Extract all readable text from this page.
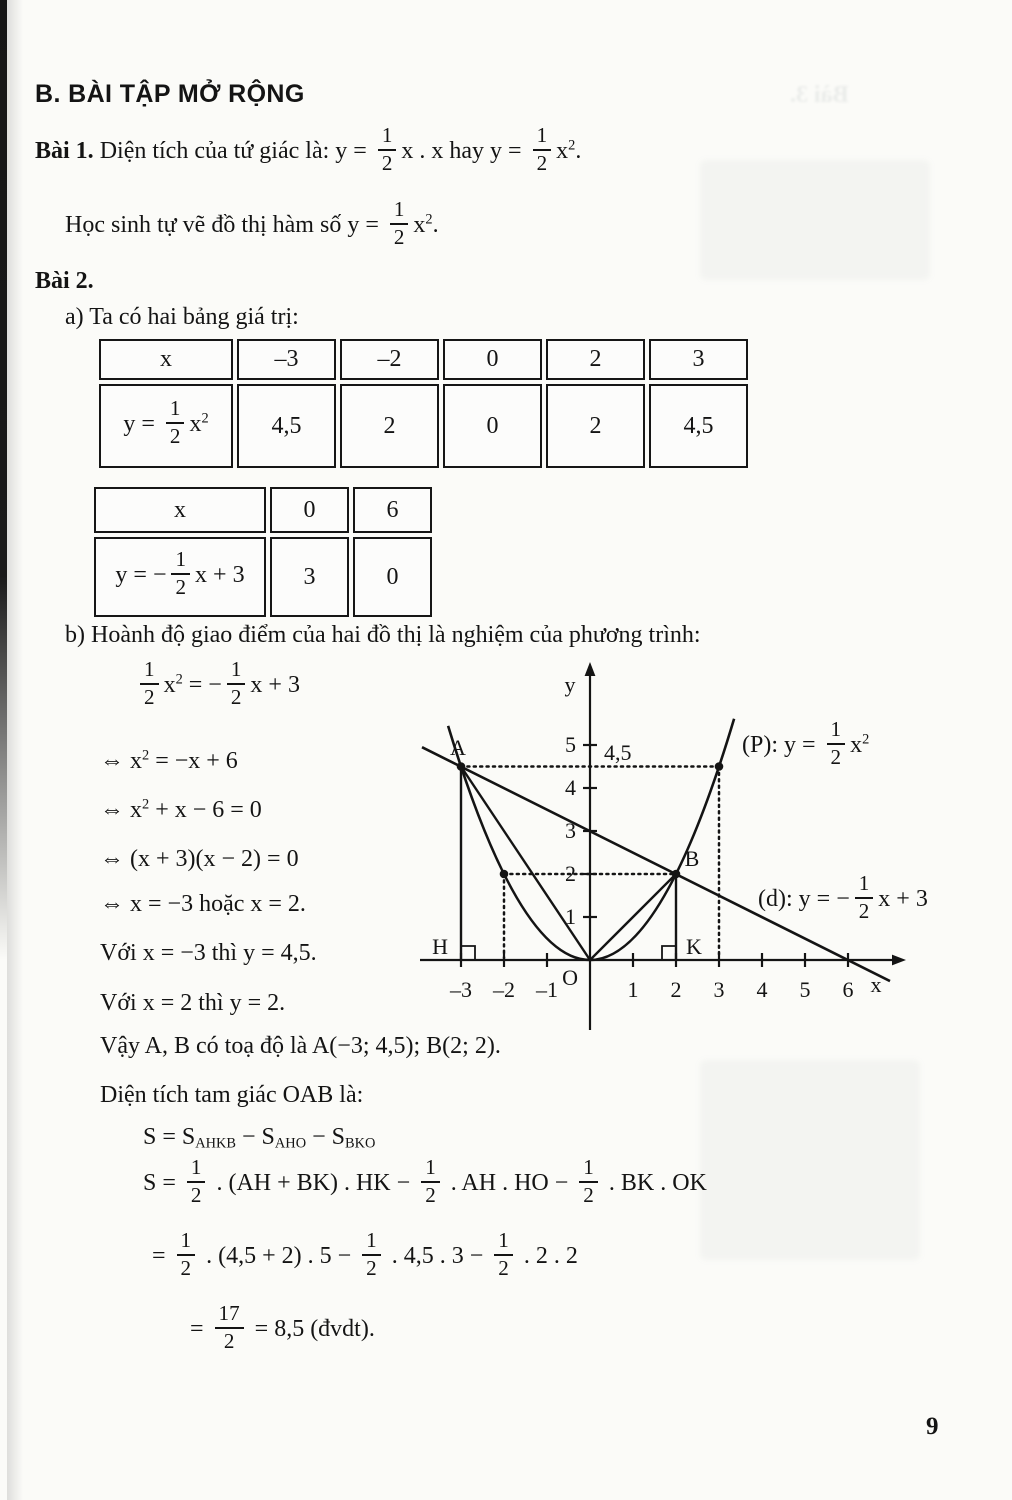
Bài 3.
B. BÀI TẬP MỞ RỘNG
Bài 1. Diện tích của tứ giác là: $y = \frac{1}{2}$ x . x hay $y = \frac{1}{2} x^2$.
Học sinh tự vẽ đồ thị hàm số $y = \frac{1}{2} x^2$.
Bài 2.
a) Ta có hai bảng giá trị:
x	–3	–2	0	2	3
$y = \frac{1}{2} x^2$	4,5	2	0	2	4,5
x	0	6
y = − $\frac{1}{2}$ x + 3	3	0
b) Hoành độ giao điểm của hai đồ thị là nghiệm của phương trình:
$\frac{1}{2} x^2$ = − $\frac{1}{2}$ x + 3
⇔ $x^2 = -x + 6$
⇔ $x^2 + x - 6 = 0$
⇔ (x + 3)(x − 2) = 0
⇔ x = −3 hoặc x = 2.
Với x = −3 thì y = 4,5.
Với x = 2 thì y = 2.
Vậy A, B có toạ độ là A(−3; 4,5); B(2; 2).
Diện tích tam giác OAB là:
$S = S_{AHKB} - S_{AHO} - S_{BKO}$
$S = \frac{1}{2}$ . (AH + BK) . HK − $\frac{1}{2}$ . AH . HO − $\frac{1}{2}$ . BK . OK
= $\frac{1}{2}$ . (4,5 + 2) . $5 - \frac{1}{2}$ . 4,5 . $3 - \frac{1}{2}$ . 2 . 2
= $\frac{17}{2} = 8,5$ (đvdt).
y
x
O
A
B
H	K
4,5
–3 –2 –1	1 2 3 4 5 6
5
4
3
2
1
(P): $y = \frac{1}{2} x^2$
(d): y = − $\frac{1}{2}$ x + 3
9
